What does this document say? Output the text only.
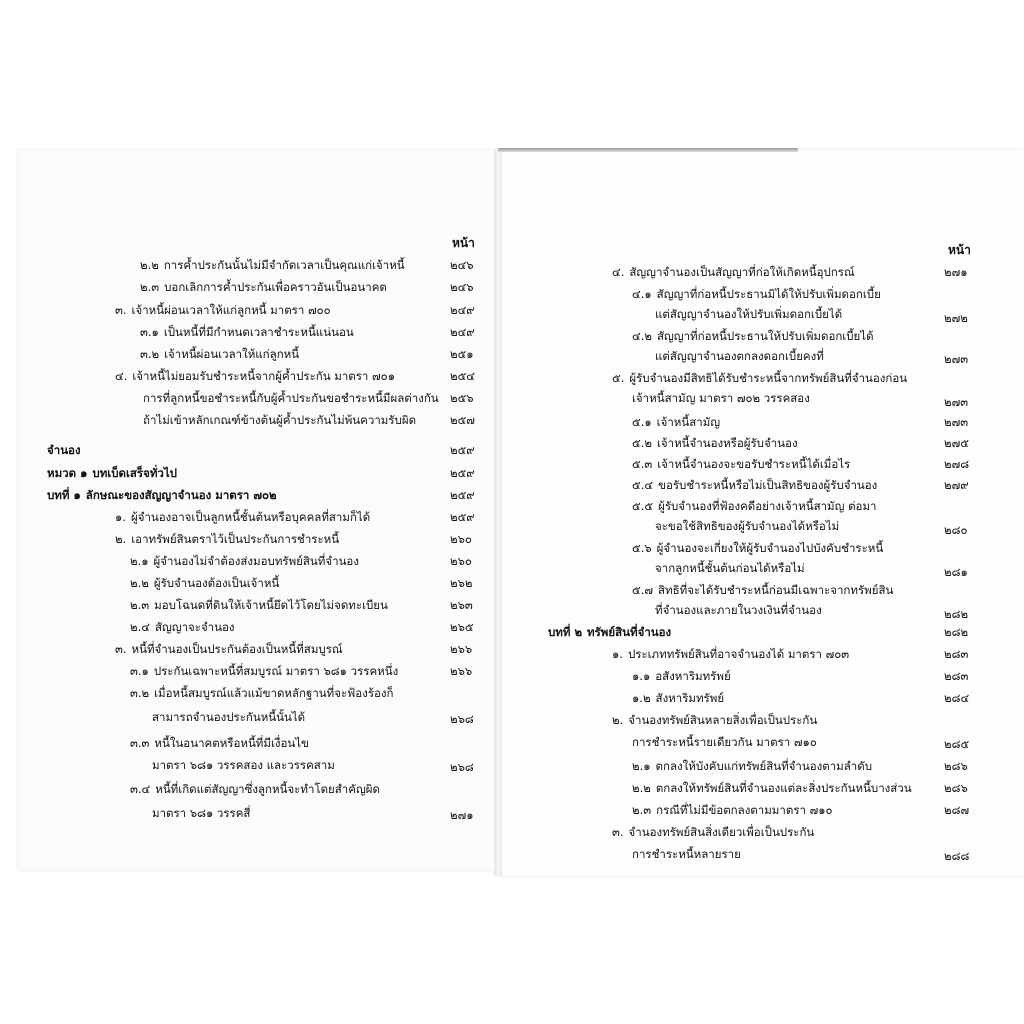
หน้า	หน้า
๒.๒ การค้ำประกันนั้นไม่มีจำกัดเวลาเป็นคุณแก่เจ้าหนี้	๒๔๖
๒.๓ บอกเลิกการค้ำประกันเพื่อคราวอันเป็นอนาคต	๒๔๖
๓. เจ้าหนี้ผ่อนเวลาให้แก่ลูกหนี้ มาตรา ๗๐๐	๒๔๙
๓.๑ เป็นหนี้ที่มีกำหนดเวลาชำระหนี้แน่นอน	๒๔๙
๓.๒ เจ้าหนี้ผ่อนเวลาให้แก่ลูกหนี้	๒๕๑
๔. เจ้าหนี้ไม่ยอมรับชำระหนี้จากผู้ค้ำประกัน มาตรา ๗๐๑	๒๕๔
การที่ลูกหนี้ขอชำระหนี้กับผู้ค้ำประกันขอชำระหนี้มีผลต่างกัน ๒๕๖
ถ้าไม่เข้าหลักเกณฑ์ข้างต้นผู้ค้ำประกันไม่พ้นความรับผิด	๒๕๗
จำนอง	๒๕๙
หมวด ๑ บทเบ็ดเสร็จทั่วไป	๒๕๙
บทที่ ๑ ลักษณะของสัญญาจำนอง มาตรา ๗๐๒	๒๕๙
๑. ผู้จำนองอาจเป็นลูกหนี้ชั้นต้นหรือบุคคลที่สามก็ได้	๒๕๙
๒. เอาทรัพย์สินตราไว้เป็นประกันการชำระหนี้	๒๖๐
๒.๑ ผู้จำนองไม่จำต้องส่งมอบทรัพย์สินที่จำนอง	๒๖๐
๒.๒ ผู้รับจำนองต้องเป็นเจ้าหนี้	๒๖๒
๒.๓ มอบโฉนดที่ดินให้เจ้าหนี้ยึดไว้โดยไม่จดทะเบียน	๒๖๓
๒.๔ สัญญาจะจำนอง	๒๖๕
๓. หนี้ที่จำนองเป็นประกันต้องเป็นหนี้ที่สมบูรณ์	๒๖๖
๓.๑ ประกันเฉพาะหนี้ที่สมบูรณ์ มาตรา ๖๘๑ วรรคหนึ่ง	๒๖๖
๓.๒ เมื่อหนี้สมบูรณ์แล้วแม้ขาดหลักฐานที่จะฟ้องร้องก็
สามารถจำนองประกันหนี้นั้นได้	๒๖๘
๓.๓ หนี้ในอนาคตหรือหนี้ที่มีเงื่อนไข
มาตรา ๖๘๑ วรรคสอง และวรรคสาม	๒๖๘
๓.๔ หนี้ที่เกิดแต่สัญญาซึ่งลูกหนี้จะทำโดยสำคัญผิด
มาตรา ๖๘๑ วรรคสี่	๒๗๑
๔. สัญญาจำนองเป็นสัญญาที่ก่อให้เกิดหนี้อุปกรณ์	๒๗๑
๔.๑ สัญญาที่ก่อหนี้ประธานมิได้ให้ปรับเพิ่มดอกเบี้ย
แต่สัญญาจำนองให้ปรับเพิ่มดอกเบี้ยได้	๒๗๒
๔.๒ สัญญาที่ก่อหนี้ประธานให้ปรับเพิ่มดอกเบี้ยได้
แต่สัญญาจำนองตกลงดอกเบี้ยคงที่	๒๗๓
๕. ผู้รับจำนองมีสิทธิได้รับชำระหนี้จากทรัพย์สินที่จำนองก่อน
เจ้าหนี้สามัญ มาตรา ๗๐๒ วรรคสอง	๒๗๓
๕.๑ เจ้าหนี้สามัญ	๒๗๓
๕.๒ เจ้าหนี้จำนองหรือผู้รับจำนอง	๒๗๕
๕.๓ เจ้าหนี้จำนองจะขอรับชำระหนี้ได้เมื่อไร	๒๗๘
๕.๔ ขอรับชำระหนี้หรือไม่เป็นสิทธิของผู้รับจำนอง	๒๗๙
๕.๕ ผู้รับจำนองที่ฟ้องคดีอย่างเจ้าหนี้สามัญ ต่อมา
จะขอใช้สิทธิของผู้รับจำนองได้หรือไม่	๒๘๐
๕.๖ ผู้จำนองจะเกี่ยงให้ผู้รับจำนองไปบังคับชำระหนี้
จากลูกหนี้ชั้นต้นก่อนได้หรือไม่	๒๘๑
๕.๗ สิทธิที่จะได้รับชำระหนี้ก่อนมีเฉพาะจากทรัพย์สิน
ที่จำนองและภายในวงเงินที่จำนอง	๒๘๒
บทที่ ๒ ทรัพย์สินที่จำนอง	๒๘๒
๑. ประเภททรัพย์สินที่อาจจำนองได้ มาตรา ๗๐๓	๒๘๓
๑.๑ อสังหาริมทรัพย์	๒๘๓
๑.๒ สังหาริมทรัพย์	๒๘๔
๒. จำนองทรัพย์สินหลายสิ่งเพื่อเป็นประกัน
การชำระหนี้รายเดียวกัน มาตรา ๗๑๐	๒๘๕
๒.๑ ตกลงให้บังคับแก่ทรัพย์สินที่จำนองตามลำดับ	๒๘๖
๒.๒ ตกลงให้ทรัพย์สินที่จำนองแต่ละสิ่งประกันหนี้บางส่วน	๒๘๖
๒.๓ กรณีที่ไม่มีข้อตกลงตามมาตรา ๗๑๐	๒๘๗
๓. จำนองทรัพย์สินสิ่งเดียวเพื่อเป็นประกัน
การชำระหนี้หลายราย	๒๘๘
